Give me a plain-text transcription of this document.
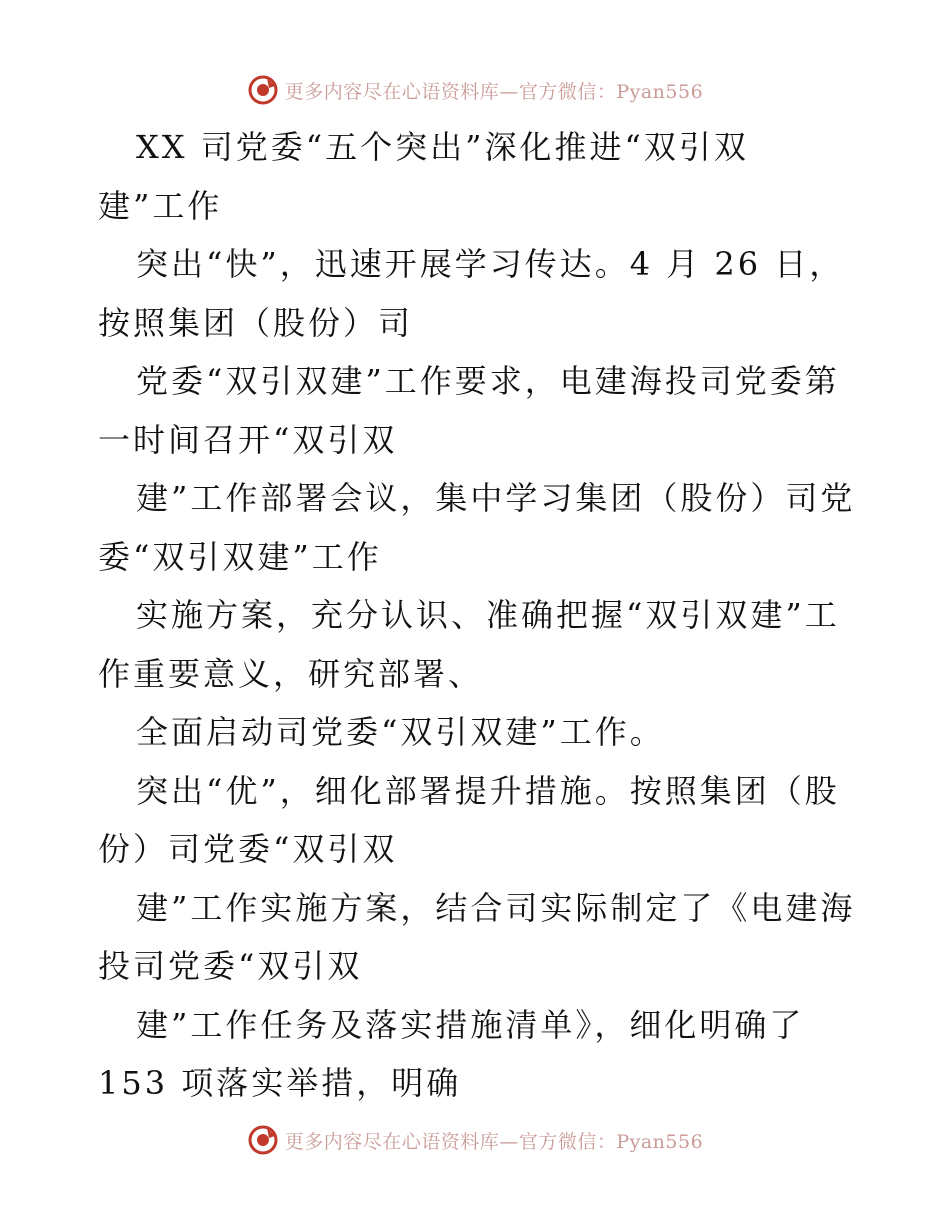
更多内容尽在心语资料库—官方微信：Pyan556
XX 司党委“五个突出”深化推进“双引双
建”工作
突出“快”，迅速开展学习传达。4 月 26 日，
按照集团（股份）司
党委“双引双建”工作要求，电建海投司党委第
一时间召开“双引双
建”工作部署会议，集中学习集团（股份）司党
委“双引双建”工作
实施方案，充分认识、准确把握“双引双建”工
作重要意义，研究部署、
全面启动司党委“双引双建”工作。
突出“优”，细化部署提升措施。按照集团（股
份）司党委“双引双
建”工作实施方案，结合司实际制定了《电建海
投司党委“双引双
建”工作任务及落实措施清单》，细化明确了
153 项落实举措，明确
更多内容尽在心语资料库—官方微信：Pyan556
